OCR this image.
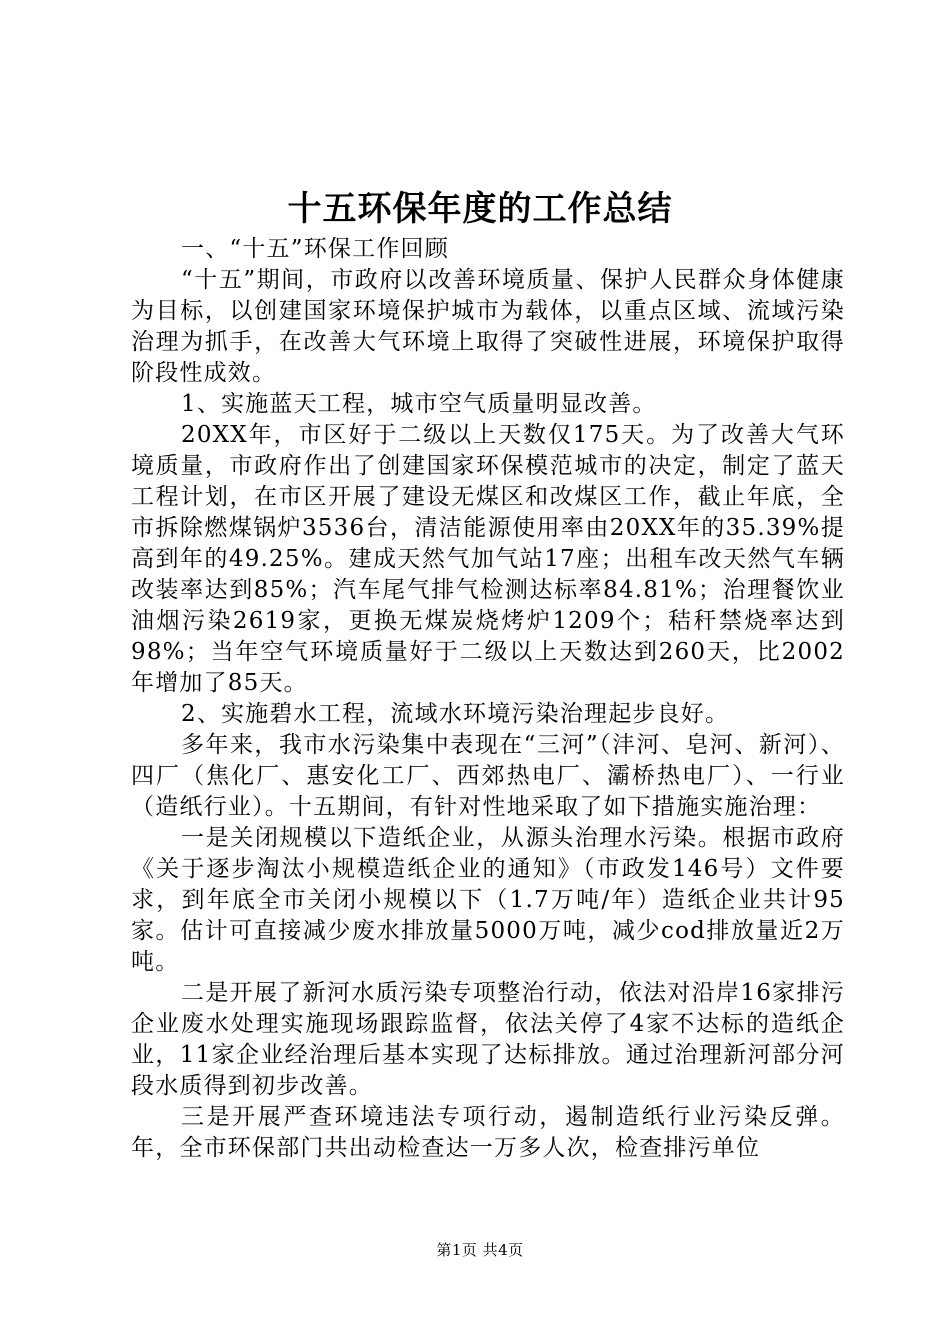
十五环保年度的工作总结

一、“十五”环保工作回顾

“十五”期间，市政府以改善环境质量、保护人民群众身体健康为目标，以创建国家环境保护城市为载体，以重点区域、流域污染治理为抓手，在改善大气环境上取得了突破性进展，环境保护取得阶段性成效。

1、实施蓝天工程，城市空气质量明显改善。

20XX年，市区好于二级以上天数仅175天。为了改善大气环境质量，市政府作出了创建国家环保模范城市的决定，制定了蓝天工程计划，在市区开展了建设无煤区和改煤区工作，截止年底，全市拆除燃煤锅炉3536台，清洁能源使用率由20XX年的35.39%提高到年的49.25%。建成天然气加气站17座；出租车改天然气车辆改装率达到85%；汽车尾气排气检测达标率84.81%；治理餐饮业油烟污染2619家，更换无煤炭烧烤炉1209个；秸秆禁烧率达到98%；当年空气环境质量好于二级以上天数达到260天，比2002年增加了85天。

2、实施碧水工程，流域水环境污染治理起步良好。

多年来，我市水污染集中表现在“三河”（沣河、皂河、新河）、四厂（焦化厂、惠安化工厂、西郊热电厂、灞桥热电厂）、一行业（造纸行业）。十五期间，有针对性地采取了如下措施实施治理：

一是关闭规模以下造纸企业，从源头治理水污染。根据市政府《关于逐步淘汰小规模造纸企业的通知》（市政发146号）文件要求，到年底全市关闭小规模以下（1.7万吨/年）造纸企业共计95家。估计可直接减少废水排放量5000万吨，减少cod排放量近2万吨。

二是开展了新河水质污染专项整治行动，依法对沿岸16家排污企业废水处理实施现场跟踪监督，依法关停了4家不达标的造纸企业，11家企业经治理后基本实现了达标排放。通过治理新河部分河段水质得到初步改善。

三是开展严查环境违法专项行动，遏制造纸行业污染反弹。年，全市环保部门共出动检查达一万多人次，检查排污单位

第1页 共4页
